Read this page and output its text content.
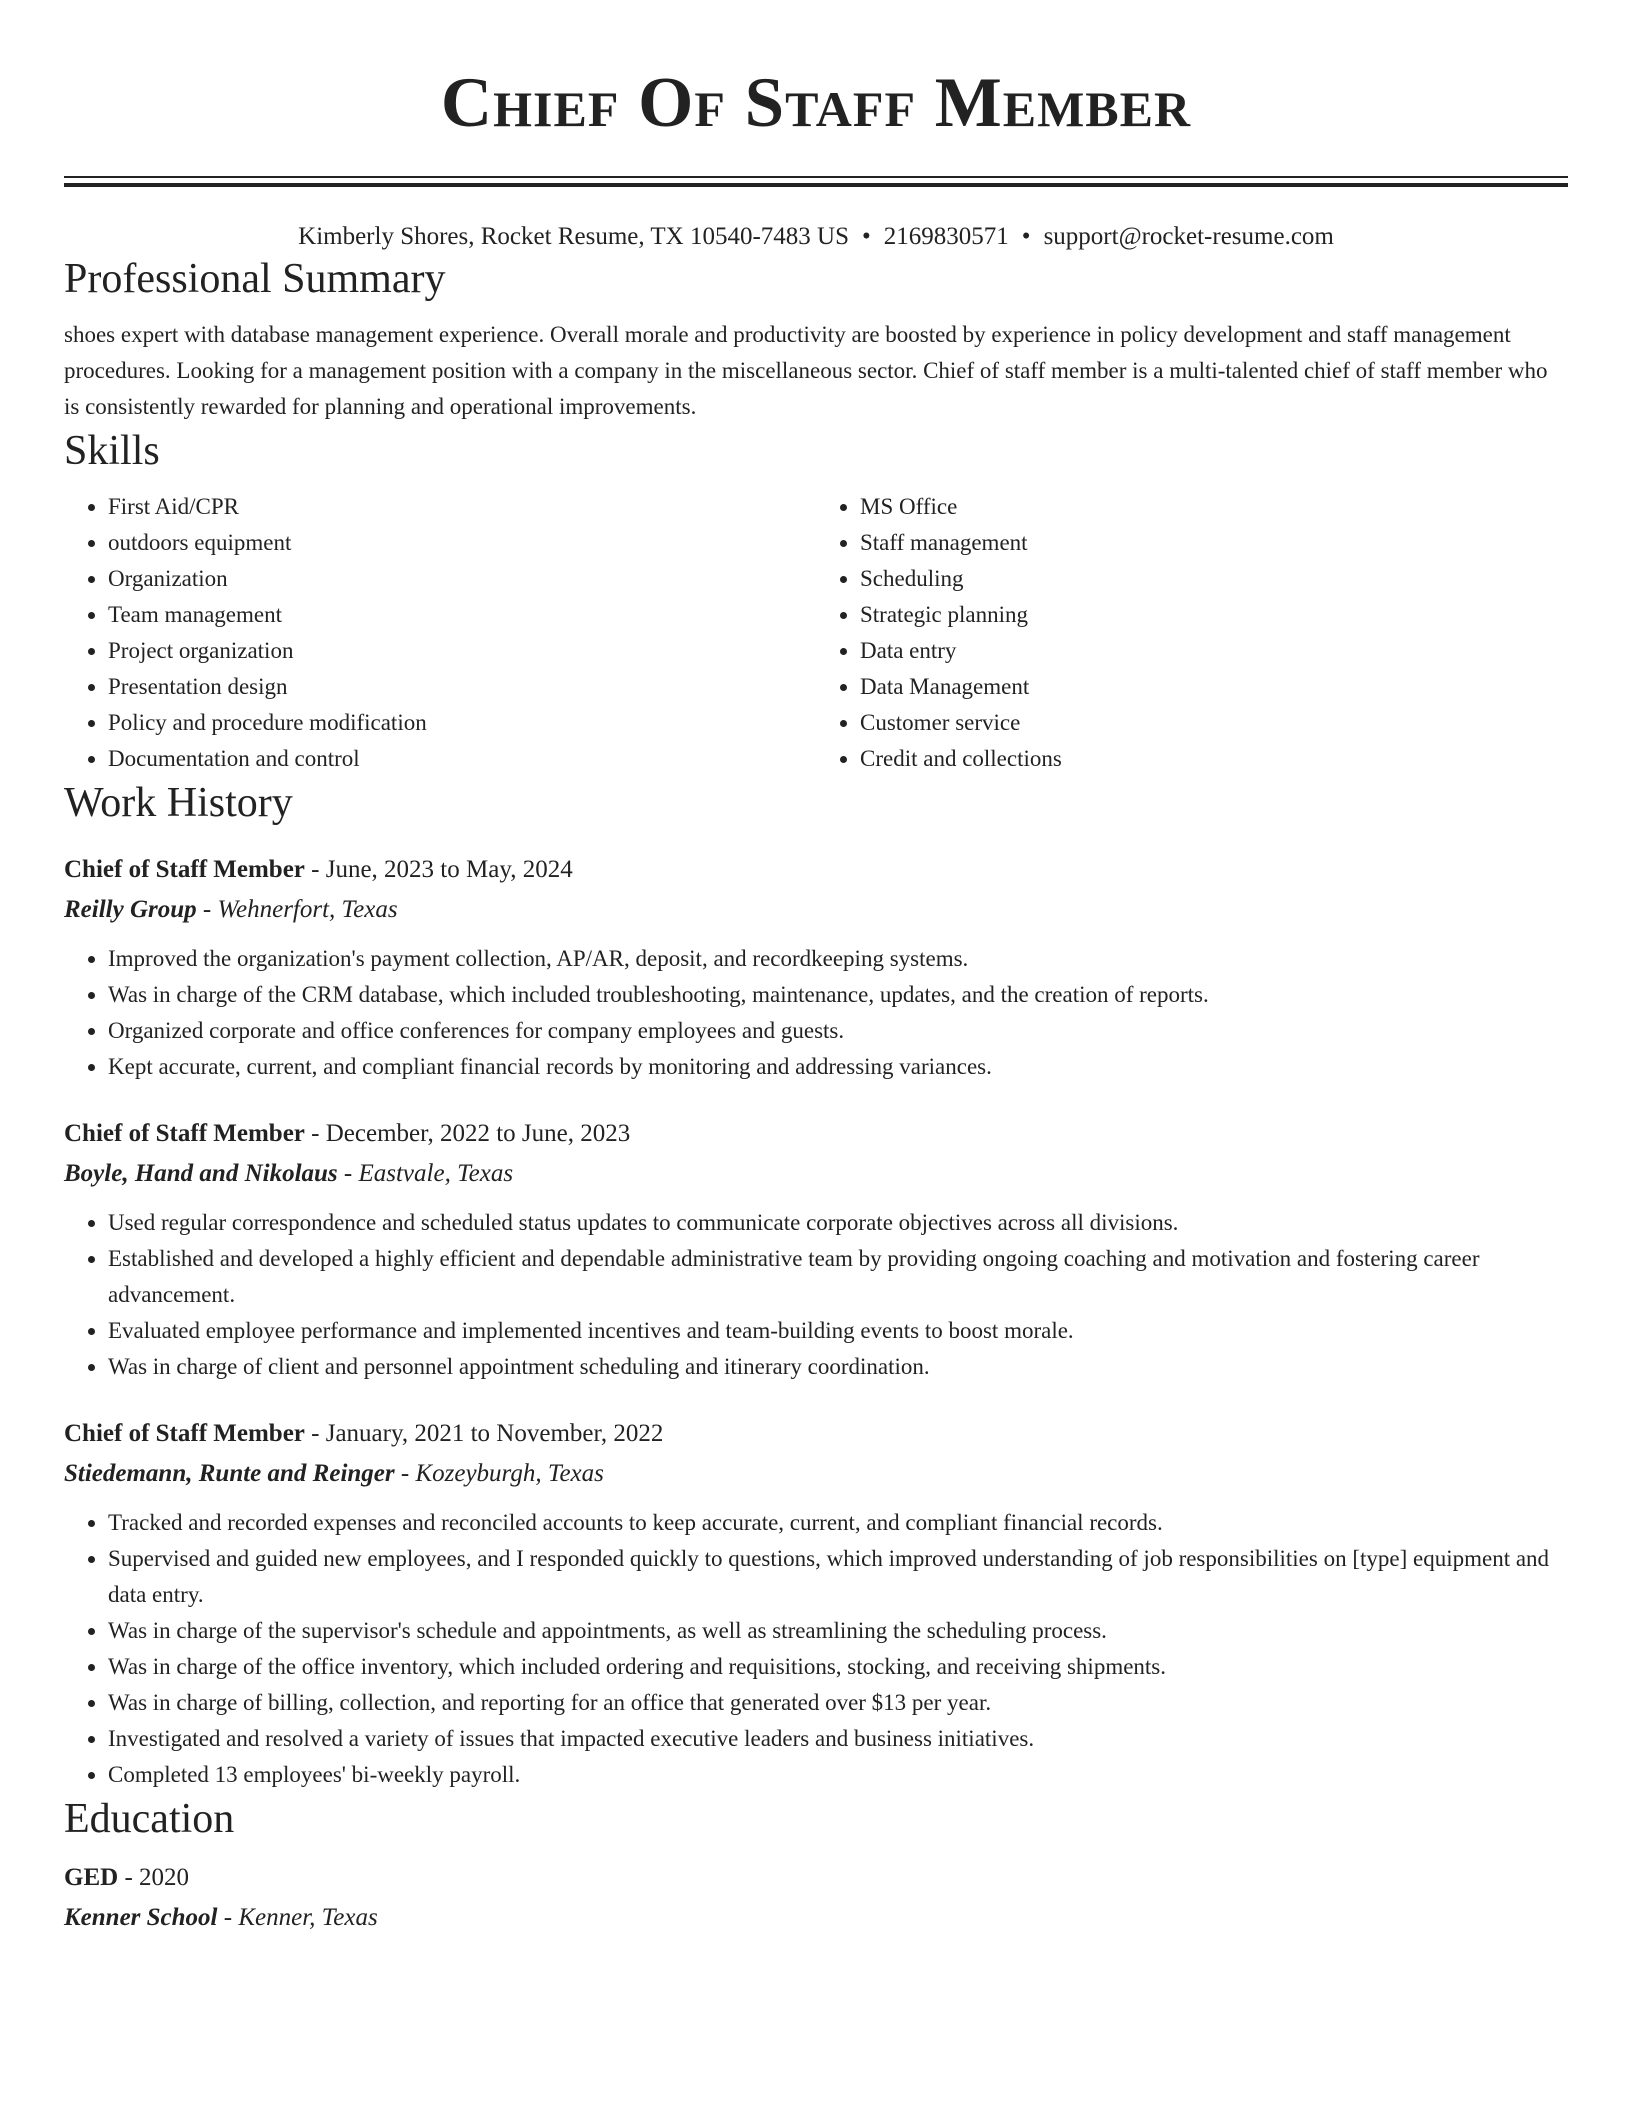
Chief Of Staff Member
Kimberly Shores, Rocket Resume, TX 10540-7483 US • 2169830571 • support@rocket-resume.com
Professional Summary

shoes expert with database management experience. Overall morale and productivity are boosted by experience in policy development and staff management procedures. Looking for a management position with a company in the miscellaneous sector. Chief of staff member is a multi-talented chief of staff member who is consistently rewarded for planning and operational improvements.

Skills
• First Aid/CPR
• outdoors equipment
• Organization
• Team management
• Project organization
• Presentation design
• Policy and procedure modification
• Documentation and control
• MS Office
• Staff management
• Scheduling
• Strategic planning
• Data entry
• Data Management
• Customer service
• Credit and collections
Work History

Chief of Staff Member - June, 2023 to May, 2024

Reilly Group - Wehnerfort, Texas

• Improved the organization's payment collection, AP/AR, deposit, and recordkeeping systems.
• Was in charge of the CRM database, which included troubleshooting, maintenance, updates, and the creation of reports.
• Organized corporate and office conferences for company employees and guests.
• Kept accurate, current, and compliant financial records by monitoring and addressing variances.

Chief of Staff Member - December, 2022 to June, 2023

Boyle, Hand and Nikolaus - Eastvale, Texas

• Used regular correspondence and scheduled status updates to communicate corporate objectives across all divisions.
• Established and developed a highly efficient and dependable administrative team by providing ongoing coaching and motivation and fostering career advancement.
• Evaluated employee performance and implemented incentives and team-building events to boost morale.
• Was in charge of client and personnel appointment scheduling and itinerary coordination.

Chief of Staff Member - January, 2021 to November, 2022

Stiedemann, Runte and Reinger - Kozeyburgh, Texas

• Tracked and recorded expenses and reconciled accounts to keep accurate, current, and compliant financial records.
• Supervised and guided new employees, and I responded quickly to questions, which improved understanding of job responsibilities on [type] equipment and data entry.
• Was in charge of the supervisor's schedule and appointments, as well as streamlining the scheduling process.
• Was in charge of the office inventory, which included ordering and requisitions, stocking, and receiving shipments.
• Was in charge of billing, collection, and reporting for an office that generated over $13 per year.
• Investigated and resolved a variety of issues that impacted executive leaders and business initiatives.
• Completed 13 employees' bi-weekly payroll.
Education

GED - 2020

Kenner School - Kenner, Texas
